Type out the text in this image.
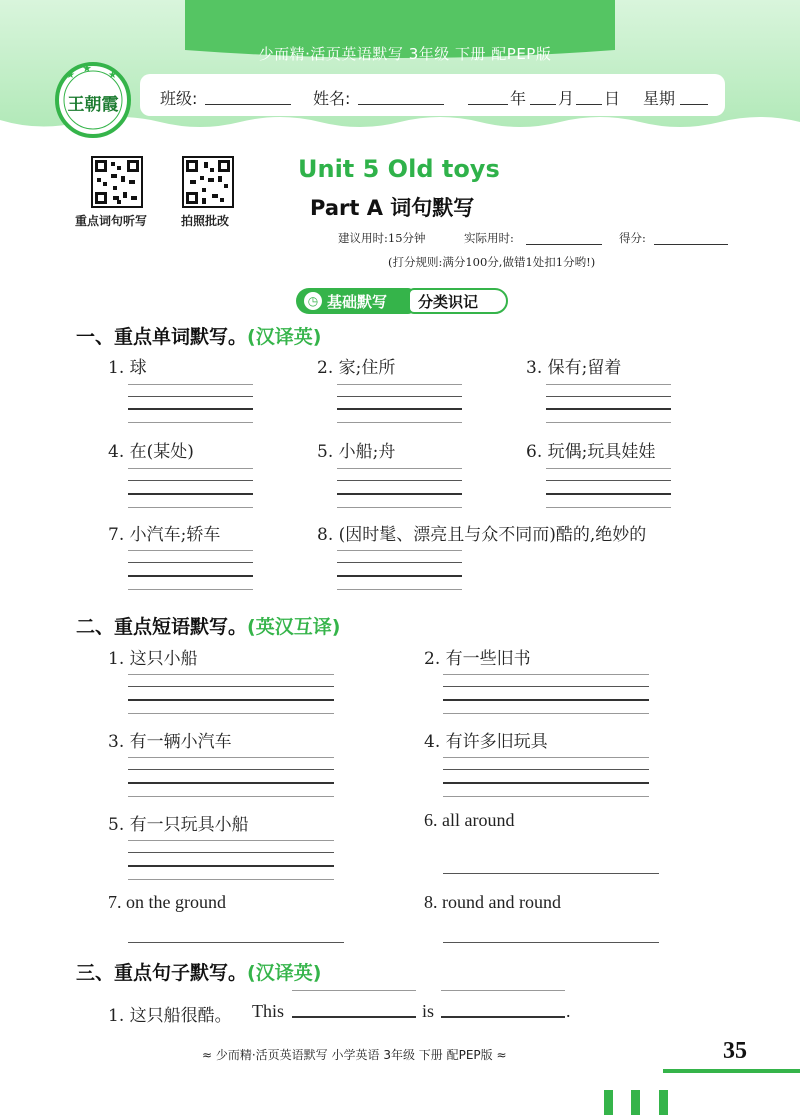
少而精·活页英语默写 3年级 下册 配PEP版
★
★	★
王朝霞	班级:	姓名:	年 月 日 星期
重点词句听写	拍照批改
Unit 5 Old toys
Part A 词句默写
建议用时:15分钟	实际用时:	得分:
(打分规则:满分100分,做错1处扣1分哟!)
◷ 基础默写 分类识记
一、重点单词默写。(汉译英)
1. 球	2. 家;住所	3. 保有;留着
4. 在(某处)	5. 小船;舟	6. 玩偶;玩具娃娃
7. 小汽车;轿车	8. (因时髦、漂亮且与众不同而)酷的,绝妙的
二、重点短语默写。(英汉互译)
1. 这只小船	2. 有一些旧书
3. 有一辆小汽车	4. 有许多旧玩具
5. 有一只玩具小船	6. all around
7. on the ground	8. round and round
三、重点句子默写。(汉译英)
1. 这只船很酷。 This	is	.
≈ 少而精·活页英语默写 小学英语 3年级 下册 配PEP版 ≈	35
